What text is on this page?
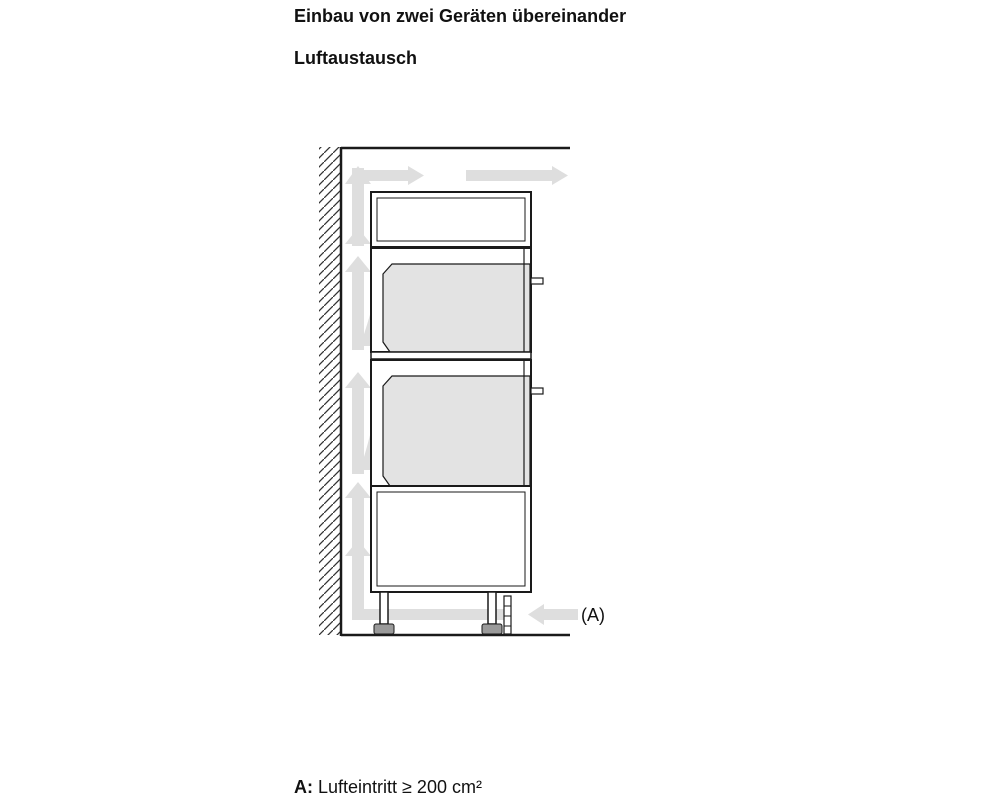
Einbau von zwei Geräten übereinander
Luftaustausch
(A)

A: Lufteintritt ≥ 200 cm²
